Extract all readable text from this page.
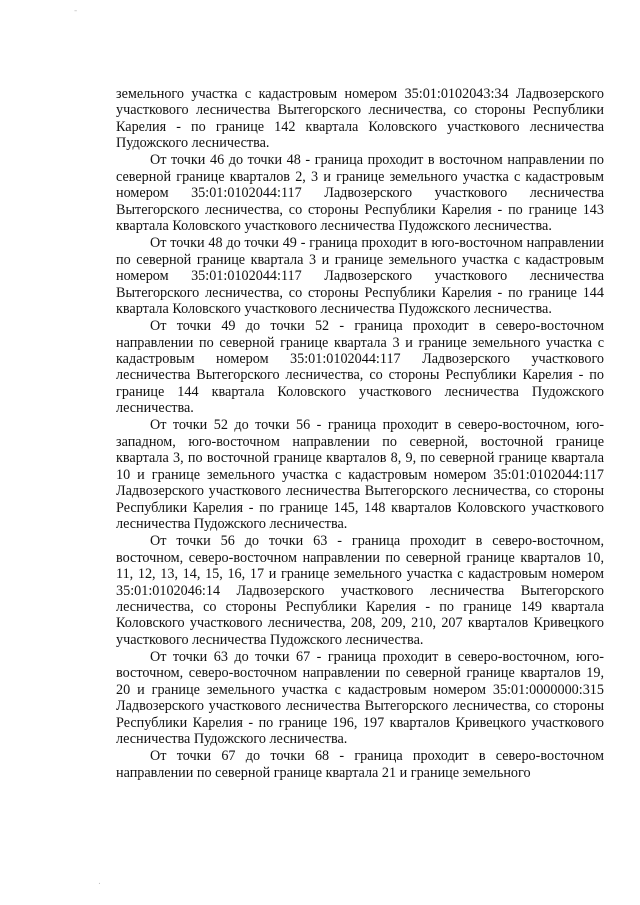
-

земельного участка с кадастровым номером 35:01:0102043:34 Ладвозерского участкового лесничества Вытегорского лесничества, со стороны Республики Карелия - по границе 142 квартала Коловского участкового лесничества Пудожского лесничества.

От точки 46 до точки 48 - граница проходит в восточном направлении по северной границе кварталов 2, 3 и границе земельного участка с кадастровым номером 35:01:0102044:117 Ладвозерского участкового лесничества Вытегорского лесничества, со стороны Республики Карелия - по границе 143 квартала Коловского участкового лесничества Пудожского лесничества.

От точки 48 до точки 49 - граница проходит в юго-восточном направлении по северной границе квартала 3 и границе земельного участка с кадастровым номером 35:01:0102044:117 Ладвозерского участкового лесничества Вытегорского лесничества, со стороны Республики Карелия - по границе 144 квартала Коловского участкового лесничества Пудожского лесничества.

От точки 49 до точки 52 - граница проходит в северо-восточном направлении по северной границе квартала 3 и границе земельного участка с кадастровым номером 35:01:0102044:117 Ладвозерского участкового лесничества Вытегорского лесничества, со стороны Республики Карелия - по границе 144 квартала Коловского участкового лесничества Пудожского лесничества.

От точки 52 до точки 56 - граница проходит в северо-восточном, юго-западном, юго-восточном направлении по северной, восточной границе квартала 3, по восточной границе кварталов 8, 9, по северной границе квартала 10 и границе земельного участка с кадастровым номером 35:01:0102044:117 Ладвозерского участкового лесничества Вытегорского лесничества, со стороны Республики Карелия - по границе 145, 148 кварталов Коловского участкового лесничества Пудожского лесничества.

От точки 56 до точки 63 - граница проходит в северо-восточном, восточном, северо-восточном направлении по северной границе кварталов 10, 11, 12, 13, 14, 15, 16, 17 и границе земельного участка с кадастровым номером 35:01:0102046:14 Ладвозерского участкового лесничества Вытегорского лесничества, со стороны Республики Карелия - по границе 149 квартала Коловского участкового лесничества, 208, 209, 210, 207 кварталов Кривецкого участкового лесничества Пудожского лесничества.

От точки 63 до точки 67 - граница проходит в северо-восточном, юго-восточном, северо-восточном направлении по северной границе кварталов 19, 20 и границе земельного участка с кадастровым номером 35:01:0000000:315 Ладвозерского участкового лесничества Вытегорского лесничества, со стороны Республики Карелия - по границе 196, 197 кварталов Кривецкого участкового лесничества Пудожского лесничества.

От точки 67 до точки 68 - граница проходит в северо-восточном направлении по северной границе квартала 21 и границе земельного

.
